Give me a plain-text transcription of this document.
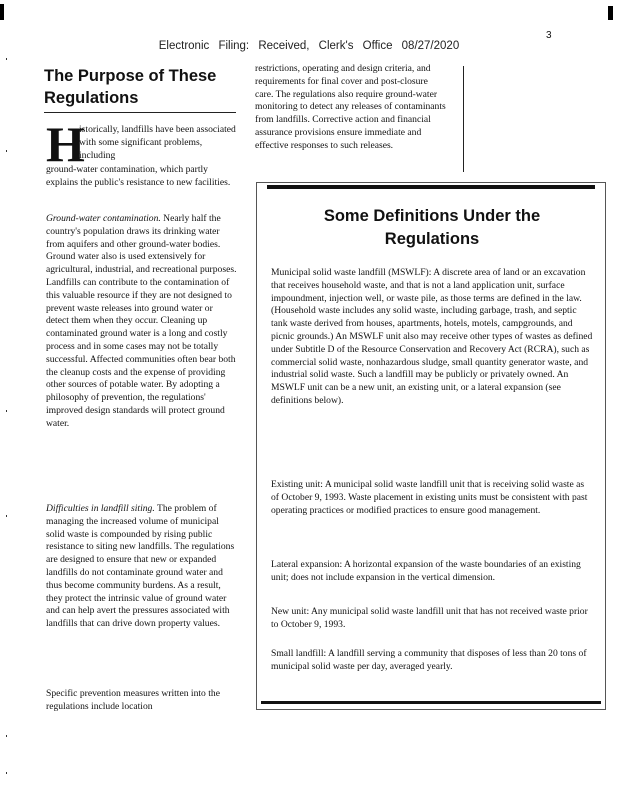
3
Electronic Filing: Received, Clerk's Office 08/27/2020
The Purpose of These Regulations
H

istorically, landfills have been associated with some significant problems, including

ground-water contamination, which partly explains the public's resistance to new facilities.

Ground-water contamination. Nearly half the country's population draws its drinking water from aquifers and other ground-water bodies. Ground water also is used extensively for agricultural, industrial, and recreational purposes. Landfills can contribute to the contamination of this valuable resource if they are not designed to prevent waste releases into ground water or detect them when they occur. Cleaning up contaminated ground water is a long and costly process and in some cases may not be totally successful. Affected communities often bear both the cleanup costs and the expense of providing other sources of potable water. By adopting a philosophy of prevention, the regulations' improved design standards will protect ground water.

Difficulties in landfill siting. The problem of managing the increased volume of municipal solid waste is compounded by rising public resistance to siting new landfills. The regulations are designed to ensure that new or expanded landfills do not contaminate ground water and thus become community burdens. As a result, they protect the intrinsic value of ground water and can help avert the pressures associated with landfills that can drive down property values.

Specific prevention measures written into the regulations include location

restrictions, operating and design criteria, and requirements for final cover and post-closure care. The regulations also require ground-water monitoring to detect any releases of contaminants from landfills. Corrective action and financial assurance provisions ensure immediate and effective responses to such releases.

Some Definitions Under the Regulations

Municipal solid waste landfill (MSWLF): A discrete area of land or an excavation that receives household waste, and that is not a land application unit, surface impoundment, injection well, or waste pile, as those terms are defined in the law. (Household waste includes any solid waste, including garbage, trash, and septic tank waste derived from houses, apartments, hotels, motels, campgrounds, and picnic grounds.) An MSWLF unit also may receive other types of wastes as defined under Subtitle D of the Resource Conservation and Recovery Act (RCRA), such as commercial solid waste, nonhazardous sludge, small quantity generator waste, and industrial solid waste. Such a landfill may be publicly or privately owned. An MSWLF unit can be a new unit, an existing unit, or a lateral expansion (see definitions below).

Existing unit: A municipal solid waste landfill unit that is receiving solid waste as of October 9, 1993. Waste placement in existing units must be consistent with past operating practices or modified practices to ensure good management.

Lateral expansion: A horizontal expansion of the waste boundaries of an existing unit; does not include expansion in the vertical dimension.

New unit: Any municipal solid waste landfill unit that has not received waste prior to October 9, 1993.

Small landfill: A landfill serving a community that disposes of less than 20 tons of municipal solid waste per day, averaged yearly.
